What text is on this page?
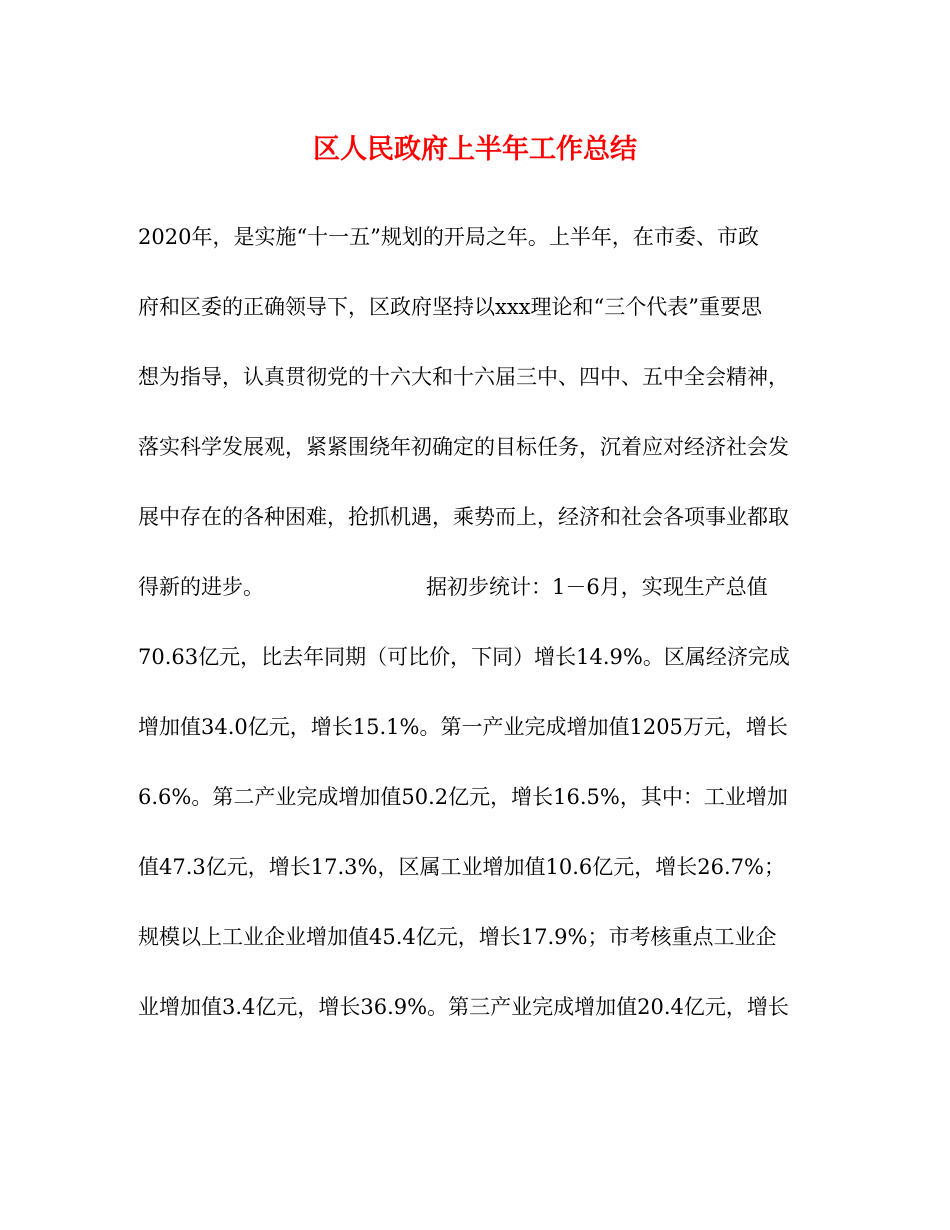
区人民政府上半年工作总结

2020年，是实施“十一五”规划的开局之年。上半年，在市委、市政

府和区委的正确领导下，区政府坚持以xxx理论和“三个代表”重要思

想为指导，认真贯彻党的十六大和十六届三中、四中、五中全会精神，

落实科学发展观，紧紧围绕年初确定的目标任务，沉着应对经济社会发

展中存在的各种困难，抢抓机遇，乘势而上，经济和社会各项事业都取

得新的进步。	据初步统计：1－6月，实现生产总值

70.63亿元，比去年同期（可比价，下同）增长14.9%。区属经济完成

增加值34.0亿元，增长15.1%。第一产业完成增加值1205万元，增长

6.6%。第二产业完成增加值50.2亿元，增长16.5%，其中：工业增加

值47.3亿元，增长17.3%，区属工业增加值10.6亿元，增长26.7%；

规模以上工业企业增加值45.4亿元，增长17.9%；市考核重点工业企

业增加值3.4亿元，增长36.9%。第三产业完成增加值20.4亿元，增长
